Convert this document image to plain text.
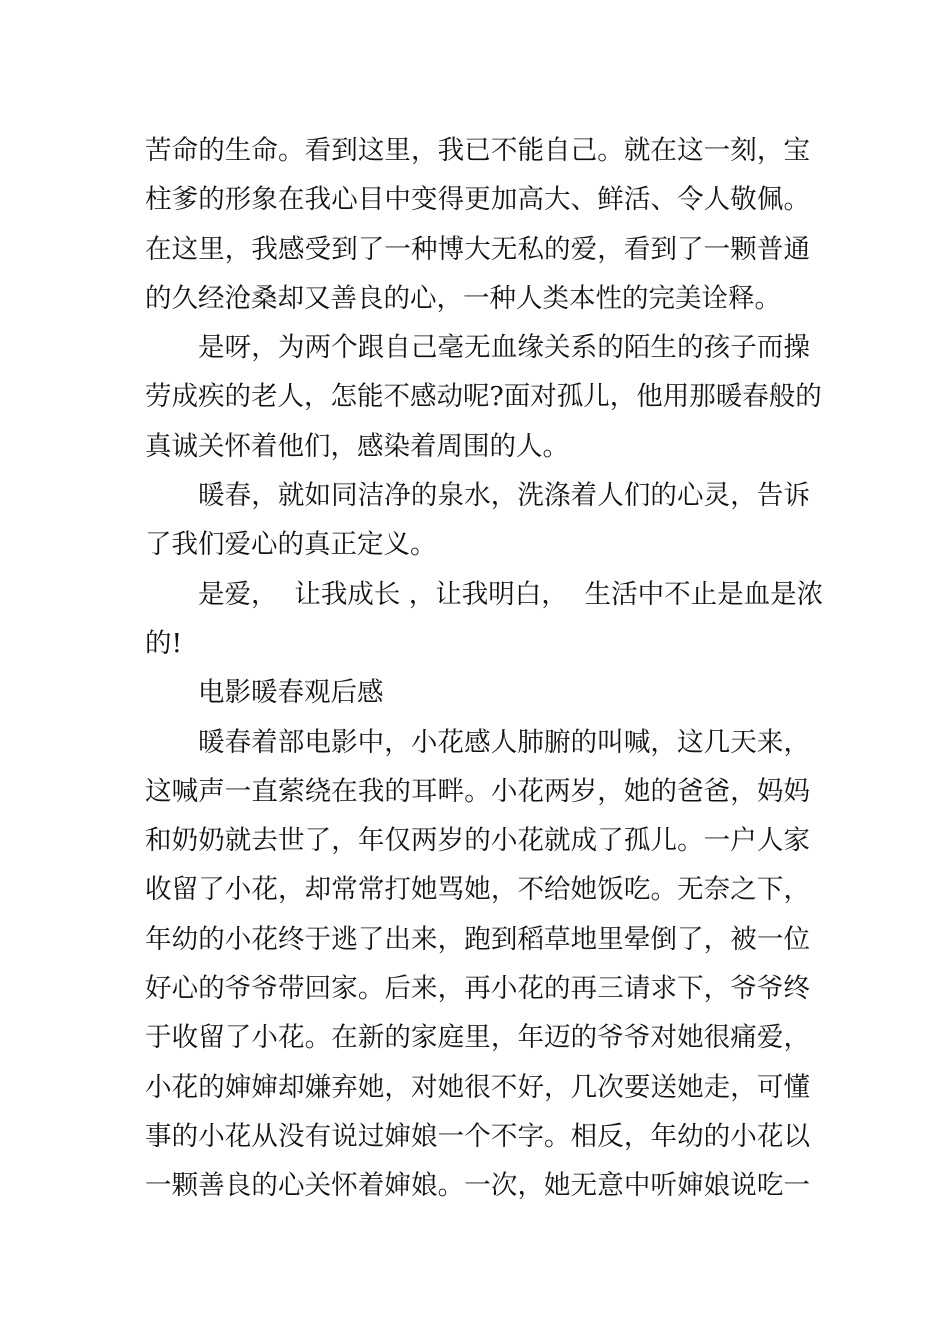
苦命的生命。看到这里，我已不能自己。就在这一刻，宝
柱爹的形象在我心目中变得更加高大、鲜活、令人敬佩。
在这里，我感受到了一种博大无私的爱，看到了一颗普通
的久经沧桑却又善良的心，一种人类本性的完美诠释。
是呀，为两个跟自己毫无血缘关系的陌生的孩子而操
劳成疾的老人，怎能不感动呢?面对孤儿，他用那暖春般的
真诚关怀着他们，感染着周围的人。
暖春，就如同洁净的泉水，洗涤着人们的心灵，告诉
了我们爱心的真正定义。
是爱，  让我成长 ，让我明白，  生活中不止是血是浓
的!
电影暖春观后感
暖春着部电影中，小花感人肺腑的叫喊，这几天来，
这喊声一直萦绕在我的耳畔。小花两岁，她的爸爸，妈妈
和奶奶就去世了，年仅两岁的小花就成了孤儿。一户人家
收留了小花，却常常打她骂她，不给她饭吃。无奈之下，
年幼的小花终于逃了出来，跑到稻草地里晕倒了，被一位
好心的爷爷带回家。后来，再小花的再三请求下，爷爷终
于收留了小花。在新的家庭里，年迈的爷爷对她很痛爱，
小花的婶婶却嫌弃她，对她很不好，几次要送她走，可懂
事的小花从没有说过婶娘一个不字。相反，年幼的小花以
一颗善良的心关怀着婶娘。一次，她无意中听婶娘说吃一
